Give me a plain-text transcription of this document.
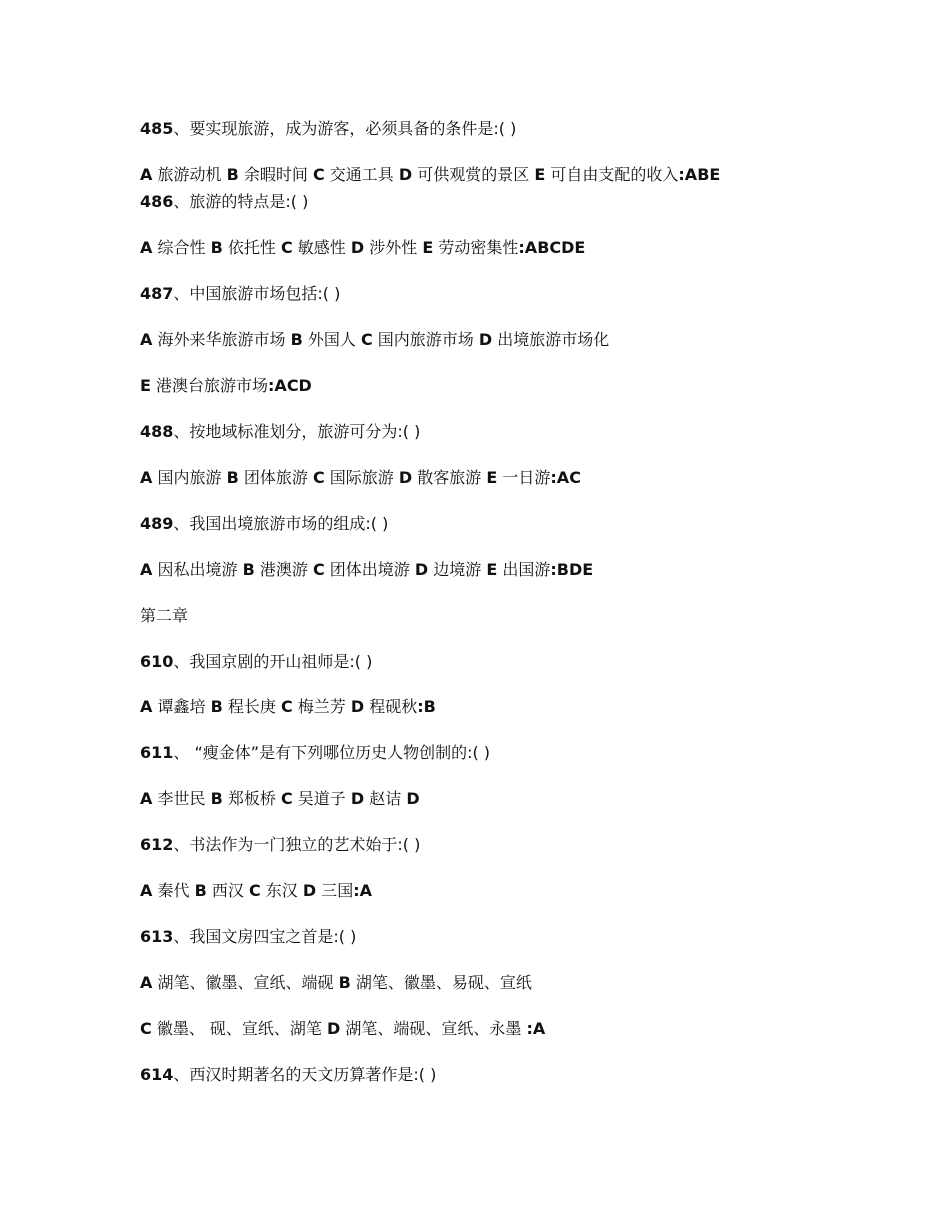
485、要实现旅游，成为游客，必须具备的条件是:( )

A 旅游动机 B 余暇时间 C 交通工具 D 可供观赏的景区 E 可自由支配的收入:ABE

486、旅游的特点是:( )

A 综合性 B 依托性 C 敏感性 D 涉外性 E 劳动密集性:ABCDE

487、中国旅游市场包括:( )

A 海外来华旅游市场 B 外国人 C 国内旅游市场 D 出境旅游市场化

E 港澳台旅游市场:ACD

488、按地域标准划分，旅游可分为:( )

A 国内旅游 B 团体旅游 C 国际旅游 D 散客旅游 E 一日游:AC

489、我国出境旅游市场的组成:( )

A 因私出境游 B 港澳游 C 团体出境游 D 边境游 E 出国游:BDE

第二章

610、我国京剧的开山祖师是:( )

A 谭鑫培 B 程长庚 C 梅兰芳 D 程砚秋:B

611、 “瘦金体”是有下列哪位历史人物创制的:( )

A 李世民 B 郑板桥 C 吴道子 D 赵诘 D

612、书法作为一门独立的艺术始于:( )

A 秦代 B 西汉 C 东汉 D 三国:A

613、我国文房四宝之首是:( )

A 湖笔、徽墨、宣纸、端砚 B 湖笔、徽墨、易砚、宣纸

C 徽墨、 砚、宣纸、湖笔 D 湖笔、端砚、宣纸、永墨 :A

614、西汉时期著名的天文历算著作是:( )
